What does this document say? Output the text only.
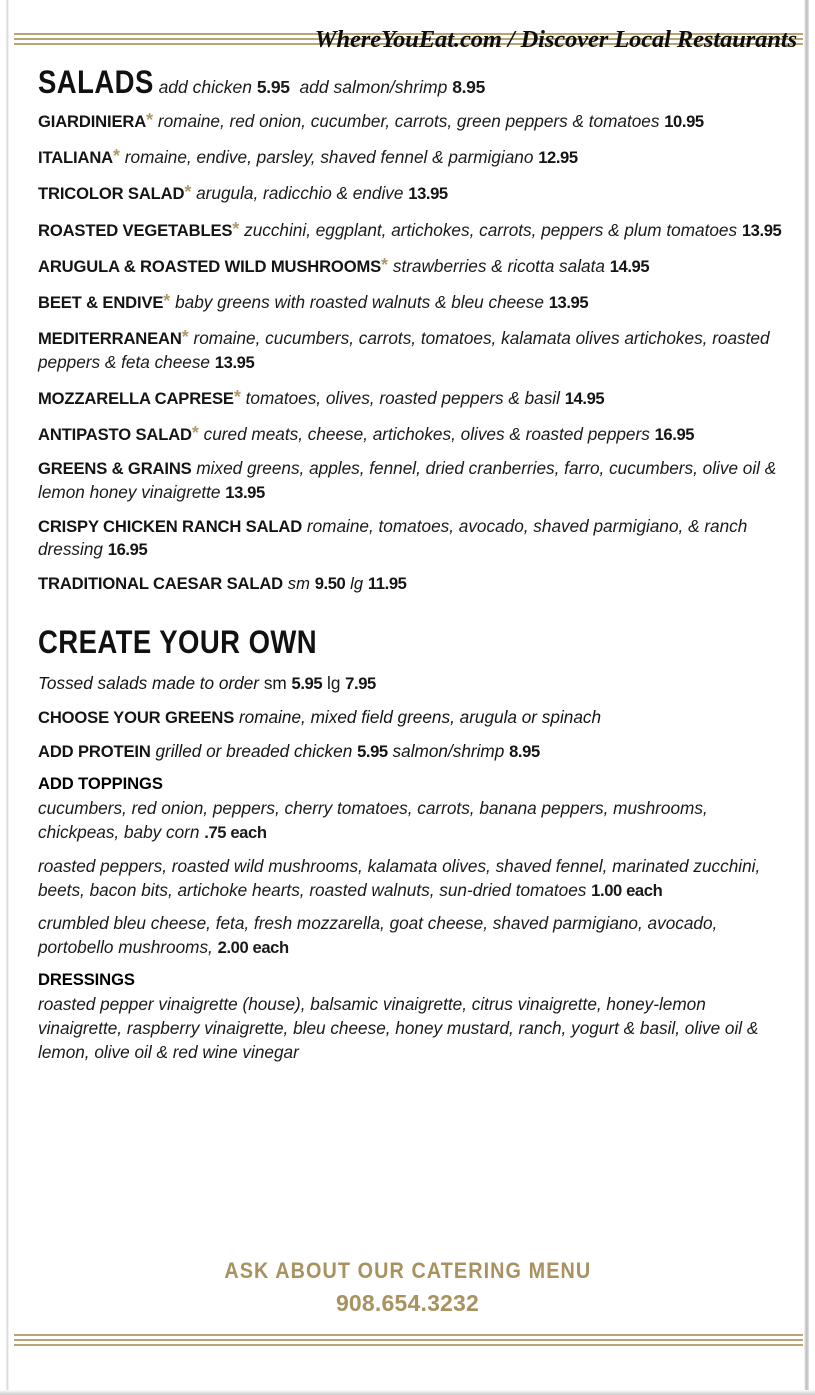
WhereYouEat.com / Discover Local Restaurants
SALADS add chicken 5.95 add salmon/shrimp 8.95
GIARDINIERA* romaine, red onion, cucumber, carrots, green peppers & tomatoes 10.95
ITALIANA* romaine, endive, parsley, shaved fennel & parmigiano 12.95
TRICOLOR SALAD* arugula, radicchio & endive 13.95
ROASTED VEGETABLES* zucchini, eggplant, artichokes, carrots, peppers & plum tomatoes 13.95
ARUGULA & ROASTED WILD MUSHROOMS* strawberries & ricotta salata 14.95
BEET & ENDIVE* baby greens with roasted walnuts & bleu cheese 13.95
MEDITERRANEAN* romaine, cucumbers, carrots, tomatoes, kalamata olives artichokes, roasted peppers & feta cheese 13.95
MOZZARELLA CAPRESE* tomatoes, olives, roasted peppers & basil 14.95
ANTIPASTO SALAD* cured meats, cheese, artichokes, olives & roasted peppers 16.95
GREENS & GRAINS mixed greens, apples, fennel, dried cranberries, farro, cucumbers, olive oil & lemon honey vinaigrette 13.95
CRISPY CHICKEN RANCH SALAD romaine, tomatoes, avocado, shaved parmigiano, & ranch dressing 16.95
TRADITIONAL CAESAR SALAD sm 9.50 lg 11.95
CREATE YOUR OWN
Tossed salads made to order sm 5.95 lg 7.95
CHOOSE YOUR GREENS romaine, mixed field greens, arugula or spinach
ADD PROTEIN grilled or breaded chicken 5.95 salmon/shrimp 8.95
ADD TOPPINGS
cucumbers, red onion, peppers, cherry tomatoes, carrots, banana peppers, mushrooms, chickpeas, baby corn .75 each
roasted peppers, roasted wild mushrooms, kalamata olives, shaved fennel, marinated zucchini, beets, bacon bits, artichoke hearts, roasted walnuts, sun-dried tomatoes 1.00 each
crumbled bleu cheese, feta, fresh mozzarella, goat cheese, shaved parmigiano, avocado, portobello mushrooms, 2.00 each
DRESSINGS
roasted pepper vinaigrette (house), balsamic vinaigrette, citrus vinaigrette, honey-lemon vinaigrette, raspberry vinaigrette, bleu cheese, honey mustard, ranch, yogurt & basil, olive oil & lemon, olive oil & red wine vinegar
ASK ABOUT OUR CATERING MENU
908.654.3232
